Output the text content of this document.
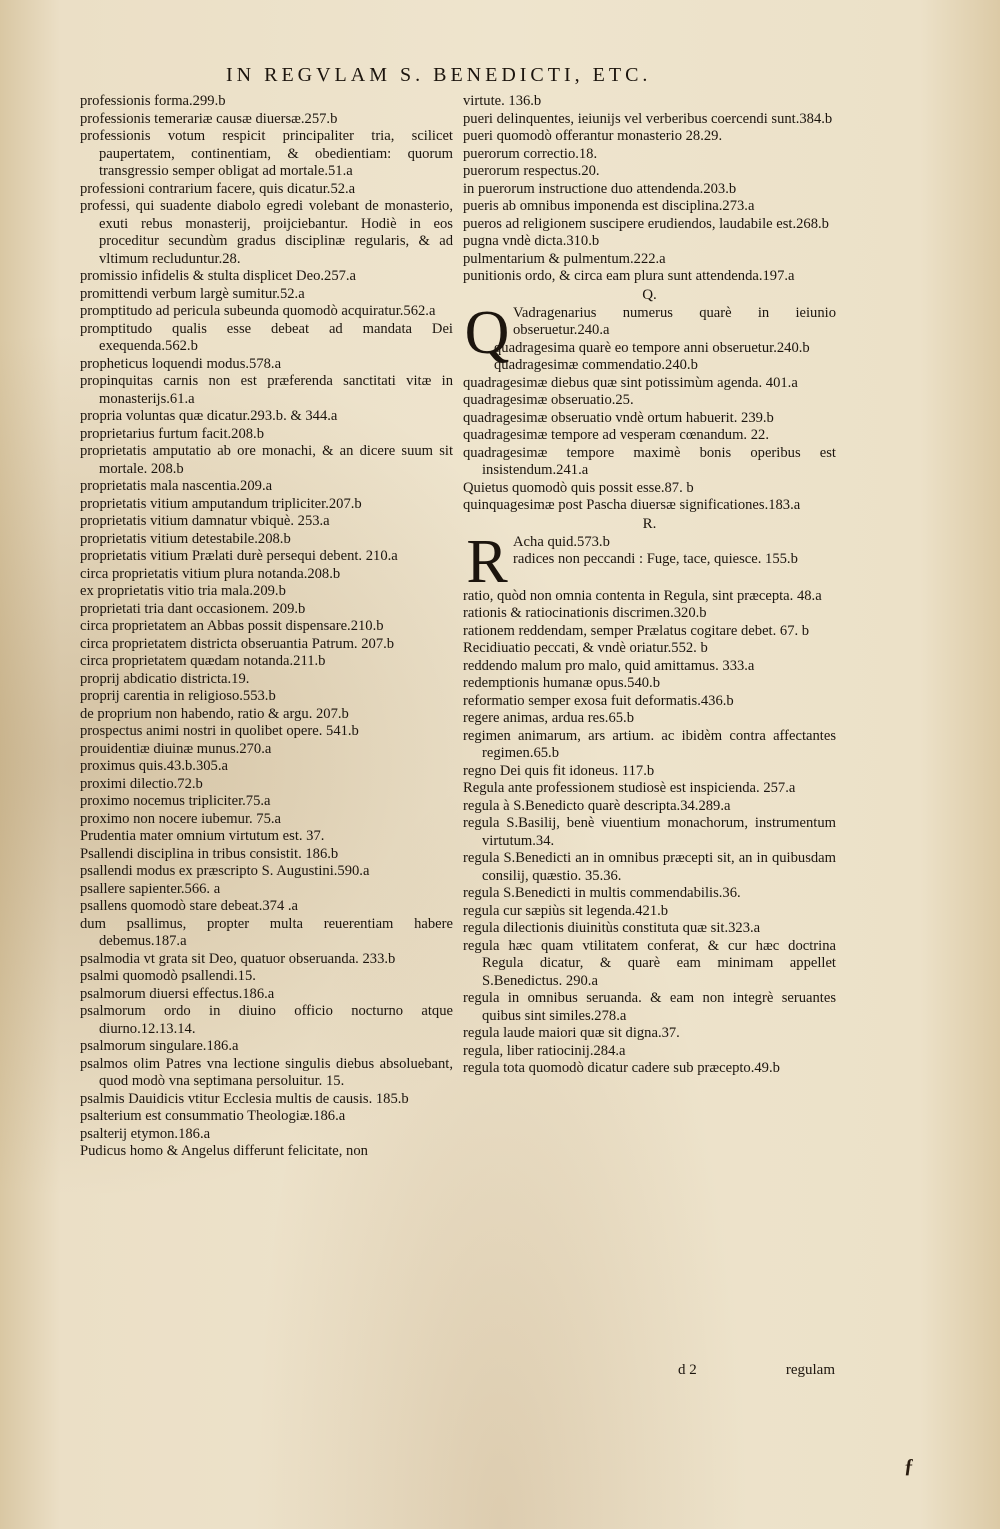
IN REGVLAM S. BENEDICTI, ETC.
professionis forma.299.b
professionis temerariæ causæ diuersæ.257.b
professionis votum respicit principaliter tria, scilicet paupertatem, continentiam, & obedientiam: quorum transgressio semper obligat ad mortale.51.a
professioni contrarium facere, quis dicatur.52.a
professi, qui suadente diabolo egredi volebant de monasterio, exuti rebus monasterij, proijciebantur. Hodiè in eos proceditur secundùm gradus disciplinæ regularis, & ad vltimum recluduntur.28.
promissio infidelis & stulta displicet Deo.257.a
promittendi verbum largè sumitur.52.a
promptitudo ad pericula subeunda quomodò acquiratur.562.a
promptitudo qualis esse debeat ad mandata Dei exequenda.562.b
propheticus loquendi modus.578.a
propinquitas carnis non est præferenda sanctitati vitæ in monasterijs.61.a
propria voluntas quæ dicatur.293.b. & 344.a
proprietarius furtum facit.208.b
proprietatis amputatio ab ore monachi, & an dicere suum sit mortale. 208.b
proprietatis mala nascentia.209.a
proprietatis vitium amputandum tripliciter.207.b
proprietatis vitium damnatur vbiquè. 253.a
proprietatis vitium detestabile.208.b
proprietatis vitium Prælati durè persequi debent. 210.a
circa proprietatis vitium plura notanda.208.b
ex proprietatis vitio tria mala.209.b
proprietati tria dant occasionem. 209.b
circa proprietatem an Abbas possit dispensare.210.b
circa proprietatem districta obseruantia Patrum. 207.b
circa proprietatem quædam notanda.211.b
proprij abdicatio districta.19.
proprij carentia in religioso.553.b
de proprium non habendo, ratio & argu. 207.b
prospectus animi nostri in quolibet opere. 541.b
prouidentiæ diuinæ munus.270.a
proximus quis.43.b.305.a
proximi dilectio.72.b
proximo nocemus tripliciter.75.a
proximo non nocere iubemur. 75.a
Prudentia mater omnium virtutum est. 37.
Psallendi disciplina in tribus consistit. 186.b
psallendi modus ex præscripto S. Augustini.590.a
psallere sapienter.566. a
psallens quomodò stare debeat.374 .a
dum psallimus, propter multa reuerentiam habere debemus.187.a
psalmodia vt grata sit Deo, quatuor obseruanda. 233.b
psalmi quomodò psallendi.15.
psalmorum diuersi effectus.186.a
psalmorum ordo in diuino officio nocturno atque diurno.12.13.14.
psalmorum singulare.186.a
psalmos olim Patres vna lectione singulis diebus absoluebant, quod modò vna septimana persoluitur. 15.
psalmis Dauidicis vtitur Ecclesia multis de causis. 185.b
psalterium est consummatio Theologiæ.186.a
psalterij etymon.186.a
Pudicus homo & Angelus differunt felicitate, non
virtute. 136.b
pueri delinquentes, ieiunijs vel verberibus coercendi sunt.384.b
pueri quomodò offerantur monasterio 28.29.
puerorum correctio.18.
puerorum respectus.20.
in puerorum instructione duo attendenda.203.b
pueris ab omnibus imponenda est disciplina.273.a
pueros ad religionem suscipere erudiendos, laudabile est.268.b
pugna vndè dicta.310.b
pulmentarium & pulmentum.222.a
punitionis ordo, & circa eam plura sunt attendenda.197.a
Q.
Q Vadragenarius numerus quarè in ieiunio obseruetur.240.a
quadragesima quarè eo tempore anni obseruetur.240.b
quadragesimæ commendatio.240.b
quadragesimæ diebus quæ sint potissimùm agenda. 401.a
quadragesimæ obseruatio.25.
quadragesimæ obseruatio vndè ortum habuerit. 239.b
quadragesimæ tempore ad vesperam cœnandum. 22.
quadragesimæ tempore maximè bonis operibus est insistendum.241.a
Quietus quomodò quis possit esse.87. b
quinquagesimæ post Pascha diuersæ significationes.183.a
R.
R Acha quid.573.b
radices non peccandi : Fuge, tace, quiesce. 155.b
ratio, quòd non omnia contenta in Regula, sint præcepta. 48.a
rationis & ratiocinationis discrimen.320.b
rationem reddendam, semper Prælatus cogitare debet. 67. b
Recidiuatio peccati, & vndè oriatur.552. b
reddendo malum pro malo, quid amittamus. 333.a
redemptionis humanæ opus.540.b
reformatio semper exosa fuit deformatis.436.b
regere animas, ardua res.65.b
regimen animarum, ars artium. ac ibidèm contra affectantes regimen.65.b
regno Dei quis fit idoneus. 117.b
Regula ante professionem studiosè est inspicienda. 257.a
regula à S.Benedicto quarè descripta.34.289.a
regula S.Basilij, benè viuentium monachorum, instrumentum virtutum.34.
regula S.Benedicti an in omnibus præcepti sit, an in quibusdam consilij, quæstio. 35.36.
regula S.Benedicti in multis commendabilis.36.
regula cur sæpiùs sit legenda.421.b
regula dilectionis diuinitùs constituta quæ sit.323.a
regula hæc quam vtilitatem conferat, & cur hæc doctrina Regula dicatur, & quarè eam minimam appellet S.Benedictus. 290.a
regula in omnibus seruanda. & eam non integrè seruantes quibus sint similes.278.a
regula laude maiori quæ sit digna.37.
regula, liber ratiocinij.284.a
regula tota quomodò dicatur cadere sub præcepto.49.b
d 2	regulam
ƒ
